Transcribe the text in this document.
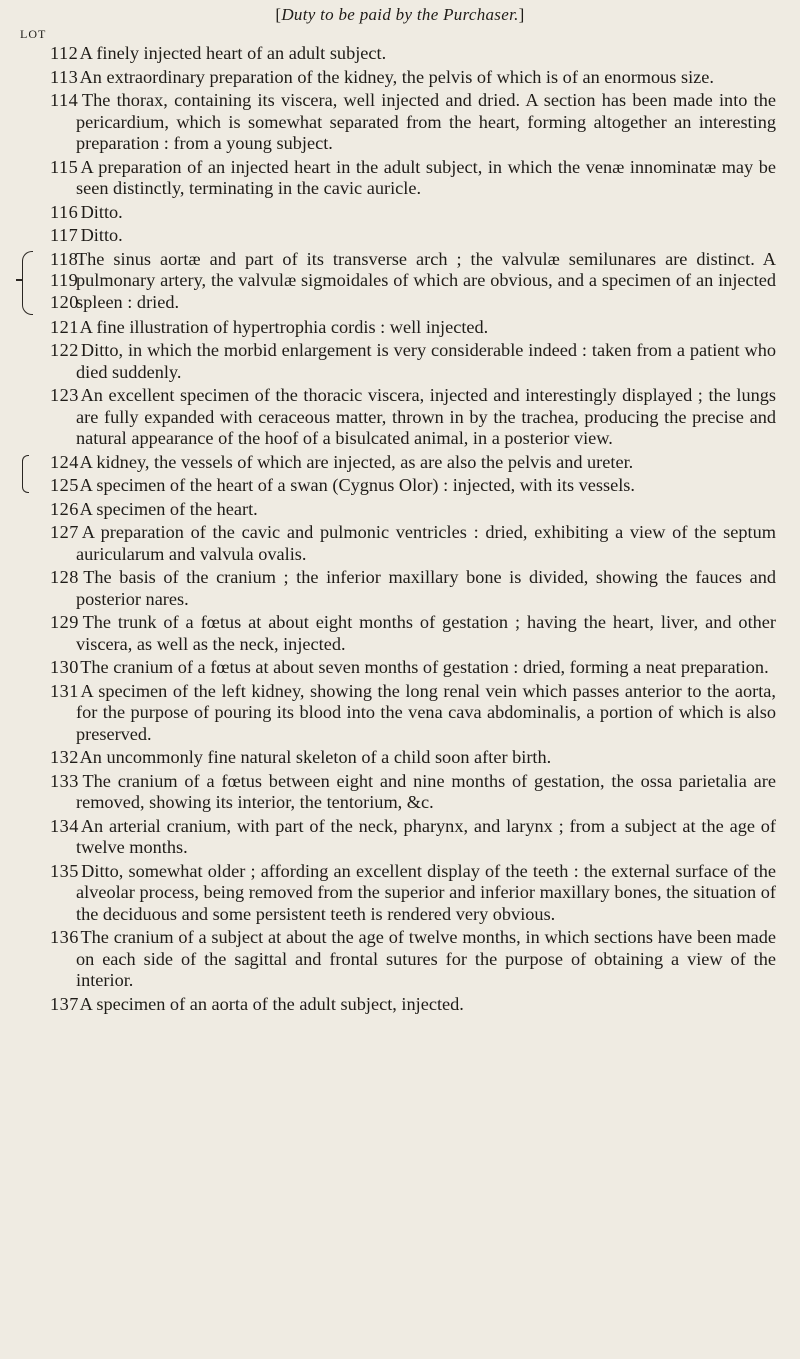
[Duty to be paid by the Purchaser.]
LOT
112 A finely injected heart of an adult subject.
113 An extraordinary preparation of the kidney, the pelvis of which is of an enormous size.
114 The thorax, containing its viscera, well injected and dried. A section has been made into the pericardium, which is somewhat separated from the heart, forming altogether an interesting preparation : from a young subject.
115 A preparation of an injected heart in the adult subject, in which the venæ innominatæ may be seen distinctly, terminating in the cavic auricle.
116 Ditto.
117 Ditto.
118
119
120
The sinus aortæ and part of its transverse arch ; the valvulæ semilunares are distinct. A pulmonary artery, the valvulæ sigmoidales of which are obvious, and a specimen of an injected spleen : dried.
121 A fine illustration of hypertrophia cordis : well injected.
122 Ditto, in which the morbid enlargement is very considerable indeed : taken from a patient who died suddenly.
123 An excellent specimen of the thoracic viscera, injected and interestingly displayed ; the lungs are fully expanded with ceraceous matter, thrown in by the trachea, producing the precise and natural appearance of the hoof of a bisulcated animal, in a posterior view.
124 A kidney, the vessels of which are injected, as are also the pelvis and ureter.
125 A specimen of the heart of a swan (Cygnus Olor) : injected, with its vessels.
126 A specimen of the heart.
127 A preparation of the cavic and pulmonic ventricles : dried, exhibiting a view of the septum auricularum and valvula ovalis.
128 The basis of the cranium ; the inferior maxillary bone is divided, showing the fauces and posterior nares.
129 The trunk of a fœtus at about eight months of gestation ; having the heart, liver, and other viscera, as well as the neck, injected.
130 The cranium of a fœtus at about seven months of gestation : dried, forming a neat preparation.
131 A specimen of the left kidney, showing the long renal vein which passes anterior to the aorta, for the purpose of pouring its blood into the vena cava abdominalis, a portion of which is also preserved.
132 An uncommonly fine natural skeleton of a child soon after birth.
133 The cranium of a fœtus between eight and nine months of gestation, the ossa parietalia are removed, showing its interior, the tentorium, &c.
134 An arterial cranium, with part of the neck, pharynx, and larynx ; from a subject at the age of twelve months.
135 Ditto, somewhat older ; affording an excellent display of the teeth : the external surface of the alveolar process, being removed from the superior and inferior maxillary bones, the situation of the deciduous and some persistent teeth is rendered very obvious.
136 The cranium of a subject at about the age of twelve months, in which sections have been made on each side of the sagittal and frontal sutures for the purpose of obtaining a view of the interior.
137 A specimen of an aorta of the adult subject, injected.
